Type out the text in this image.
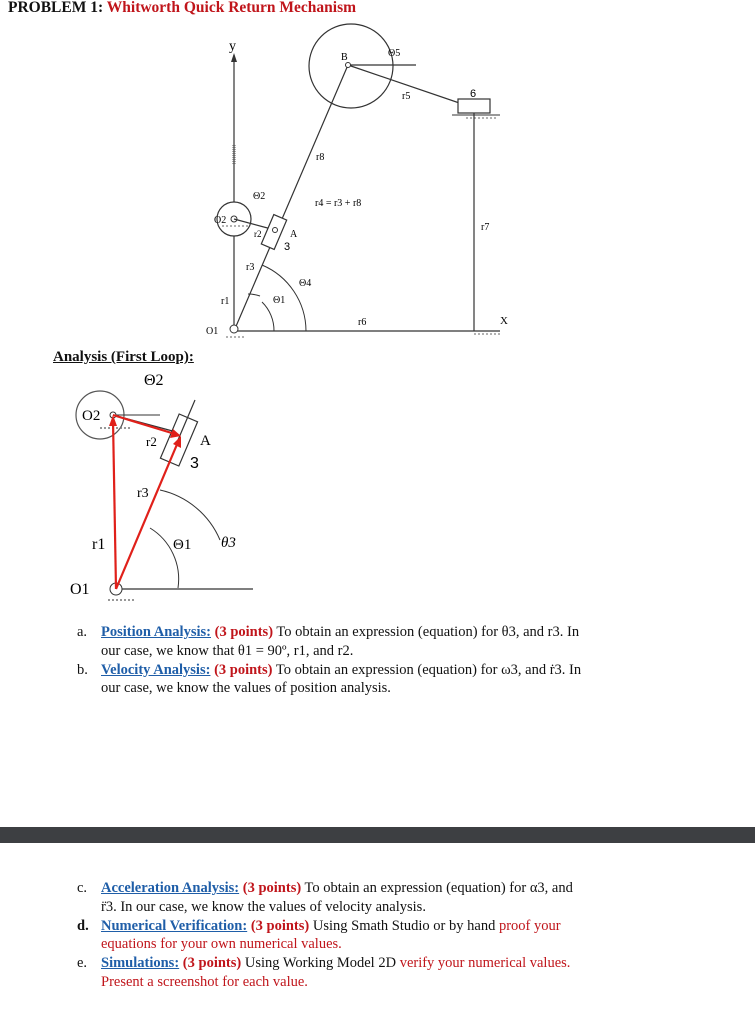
PROBLEM 1: Whitworth Quick Return Mechanism
y
B	Θ5
r5	6
r8
Θ2
r4 = r3 + r8
r7
O2
r2	A
3
r3
Θ4
r1	Θ1
r6	X
O1
Analysis (First Loop):
Θ2
O2
r2	A
3
r3
r1	Θ1 θ3
O1
a. Position Analysis: (3 points) To obtain an expression (equation) for θ3, and r3. In
our case, we know that θ1 = 90º, r1, and r2.
b. Velocity Analysis: (3 points) To obtain an expression (equation) for ω3, and ṙ3. In
our case, we know the values of position analysis.
c. Acceleration Analysis: (3 points) To obtain an expression (equation) for α3, and
r̈3. In our case, we know the values of velocity analysis.
d. Numerical Verification: (3 points) Using Smath Studio or by hand proof your
equations for your own numerical values.
e. Simulations: (3 points) Using Working Model 2D verify your numerical values.
Present a screenshot for each value.
